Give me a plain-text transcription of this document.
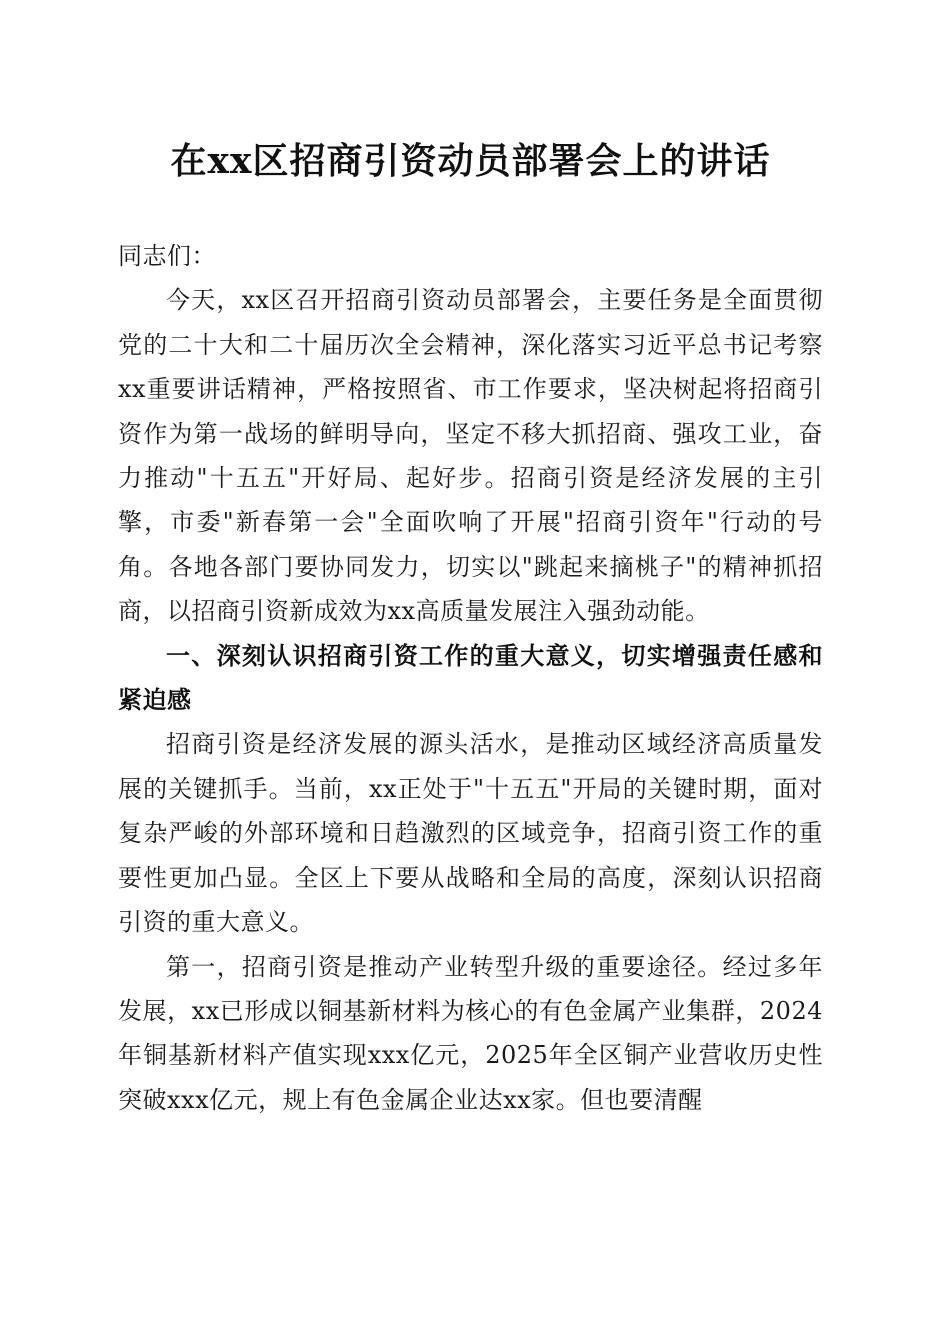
在xx区招商引资动员部署会上的讲话

同志们：

今天，xx区召开招商引资动员部署会，主要任务是全面贯彻党的二十大和二十届历次全会精神，深化落实习近平总书记考察xx重要讲话精神，严格按照省、市工作要求，坚决树起将招商引资作为第一战场的鲜明导向，坚定不移大抓招商、强攻工业，奋力推动"十五五"开好局、起好步。招商引资是经济发展的主引擎，市委"新春第一会"全面吹响了开展"招商引资年"行动的号角。各地各部门要协同发力，切实以"跳起来摘桃子"的精神抓招商，以招商引资新成效为xx高质量发展注入强劲动能。

一、深刻认识招商引资工作的重大意义，切实增强责任感和紧迫感

招商引资是经济发展的源头活水，是推动区域经济高质量发展的关键抓手。当前，xx正处于"十五五"开局的关键时期，面对复杂严峻的外部环境和日趋激烈的区域竞争，招商引资工作的重要性更加凸显。全区上下要从战略和全局的高度，深刻认识招商引资的重大意义。

第一，招商引资是推动产业转型升级的重要途径。经过多年发展，xx已形成以铜基新材料为核心的有色金属产业集群，2024年铜基新材料产值实现xxx亿元，2025年全区铜产业营收历史性突破xxx亿元，规上有色金属企业达xx家。但也要清醒
